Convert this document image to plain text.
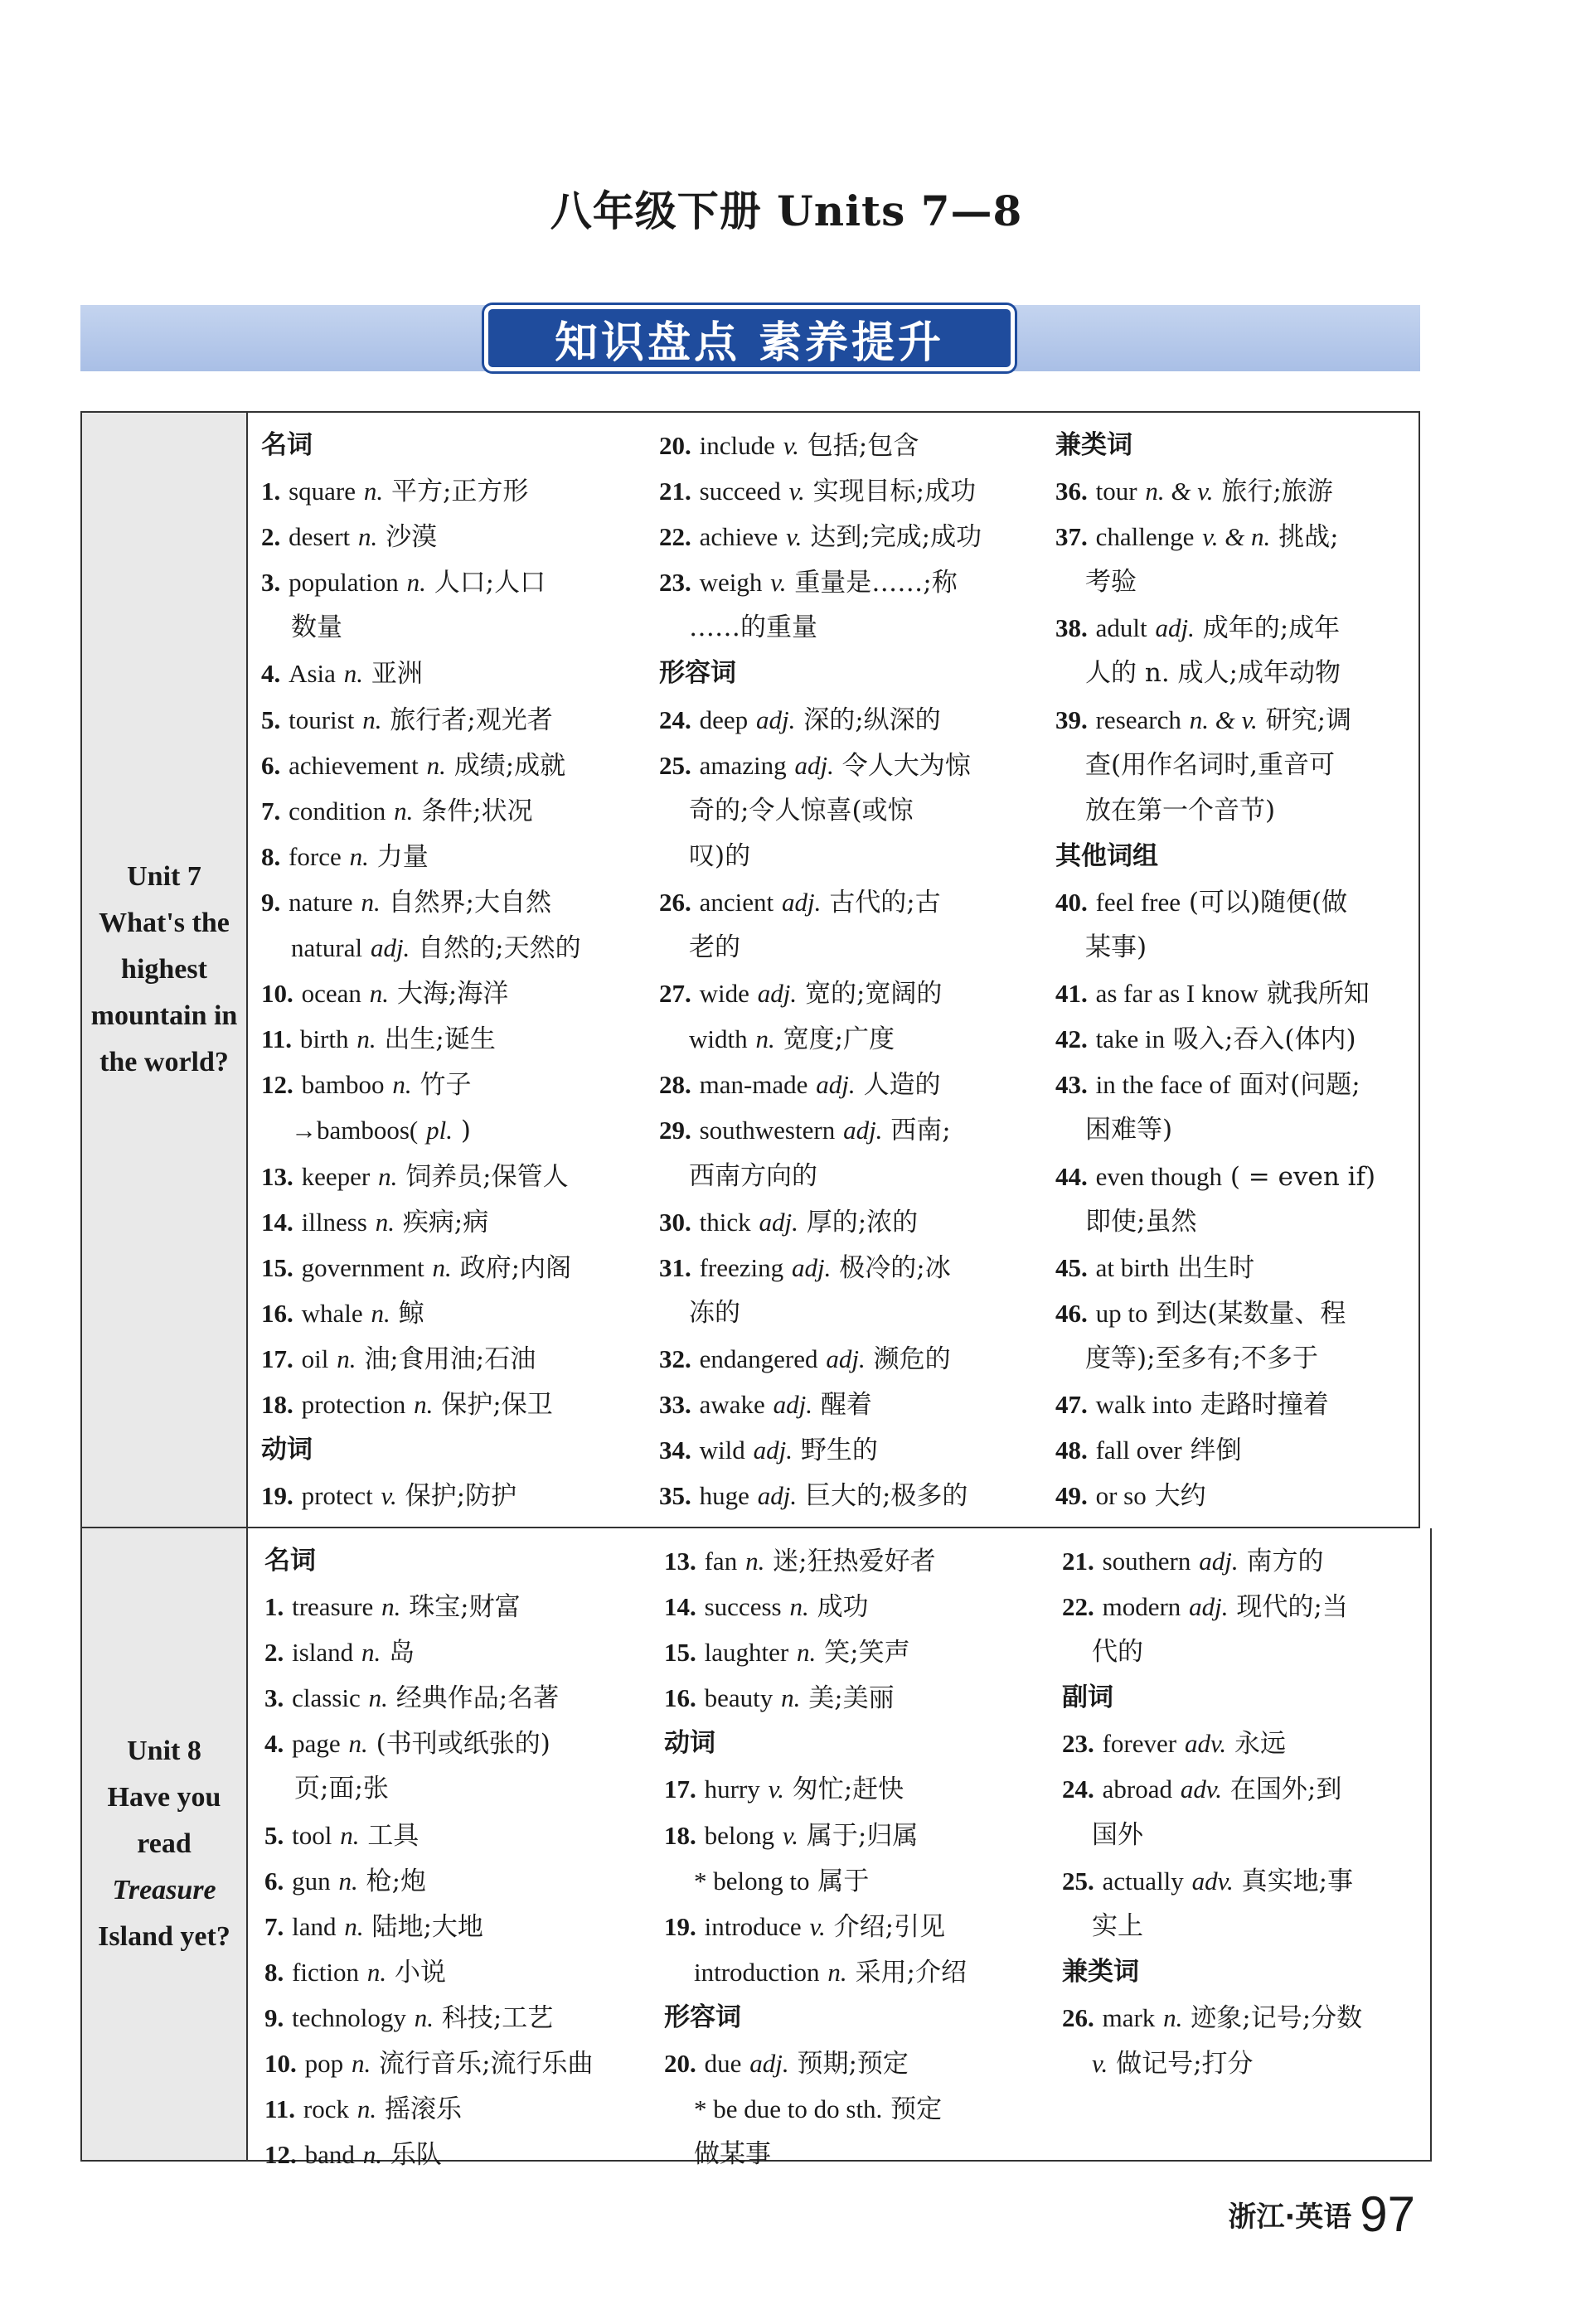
八年级下册 Units 7—8
知识盘点 素养提升
Unit 7
What's the
highest
mountain in
the world?
名词
1. square n. 平方;正方形
2. desert n. 沙漠
3. population n. 人口;人口
数量
4. Asia n. 亚洲
5. tourist n. 旅行者;观光者
6. achievement n. 成绩;成就
7. condition n. 条件;状况
8. force n. 力量
9. nature n. 自然界;大自然
natural adj. 自然的;天然的
10. ocean n. 大海;海洋
11. birth n. 出生;诞生
12. bamboo n. 竹子
→bamboos( pl. )
13. keeper n. 饲养员;保管人
14. illness n. 疾病;病
15. government n. 政府;内阁
16. whale n. 鲸
17. oil n. 油;食用油;石油
18. protection n. 保护;保卫
动词
19. protect v. 保护;防护
20. include v. 包括;包含
21. succeed v. 实现目标;成功
22. achieve v. 达到;完成;成功
23. weigh v. 重量是……;称
……的重量
形容词
24. deep adj. 深的;纵深的
25. amazing adj. 令人大为惊
奇的;令人惊喜(或惊
叹)的
26. ancient adj. 古代的;古
老的
27. wide adj. 宽的;宽阔的
width n. 宽度;广度
28. man-made adj. 人造的
29. southwestern adj. 西南;
西南方向的
30. thick adj. 厚的;浓的
31. freezing adj. 极冷的;冰
冻的
32. endangered adj. 濒危的
33. awake adj. 醒着
34. wild adj. 野生的
35. huge adj. 巨大的;极多的
兼类词
36. tour n. & v. 旅行;旅游
37. challenge v. & n. 挑战;
考验
38. adult adj. 成年的;成年
人的 n. 成人;成年动物
39. research n. & v. 研究;调
查(用作名词时,重音可
放在第一个音节)
其他词组
40. feel free (可以)随便(做
某事)
41. as far as I know 就我所知
42. take in 吸入;吞入(体内)
43. in the face of 面对(问题;
困难等)
44. even though ( = even if)
即使;虽然
45. at birth 出生时
46. up to 到达(某数量、程
度等);至多有;不多于
47. walk into 走路时撞着
48. fall over 绊倒
49. or so 大约
Unit 8
Have you
read
Treasure
Island yet?
名词
1. treasure n. 珠宝;财富
2. island n. 岛
3. classic n. 经典作品;名著
4. page n. (书刊或纸张的)
页;面;张
5. tool n. 工具
6. gun n. 枪;炮
7. land n. 陆地;大地
8. fiction n. 小说
9. technology n. 科技;工艺
10. pop n. 流行音乐;流行乐曲
11. rock n. 摇滚乐
12. band n. 乐队
13. fan n. 迷;狂热爱好者
14. success n. 成功
15. laughter n. 笑;笑声
16. beauty n. 美;美丽
动词
17. hurry v. 匆忙;赶快
18. belong v. 属于;归属
* belong to 属于
19. introduce v. 介绍;引见
introduction n. 采用;介绍
形容词
20. due adj. 预期;预定
* be due to do sth. 预定
做某事
21. southern adj. 南方的
22. modern adj. 现代的;当
代的
副词
23. forever adv. 永远
24. abroad adv. 在国外;到
国外
25. actually adv. 真实地;事
实上
兼类词
26. mark n. 迹象;记号;分数
v. 做记号;打分
浙江·英语 97
